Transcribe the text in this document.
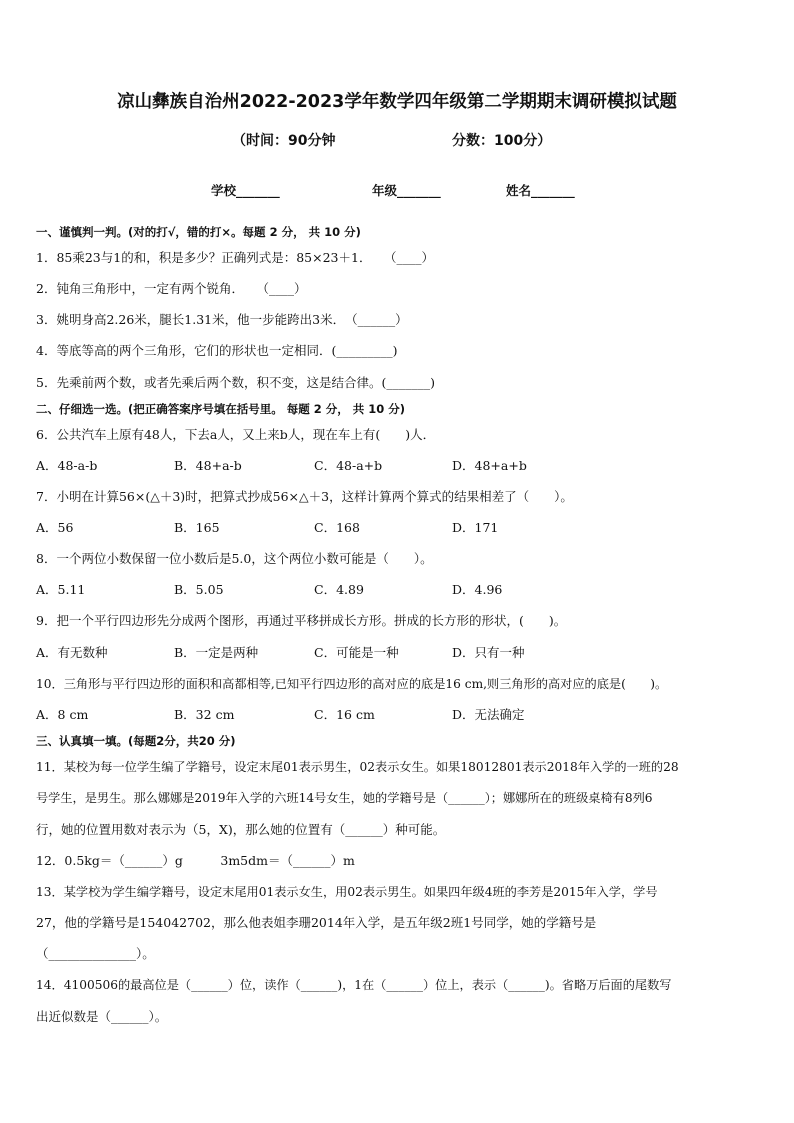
凉山彝族自治州2022-2023学年数学四年级第二学期期末调研模拟试题
（时间：90分钟	分数：100分）
学校_______	年级_______	姓名_______
一、谨慎判一判。(对的打√，错的打×。每题 2 分， 共 10 分)
1．85乘23与1的和，积是多少？正确列式是：85×23＋1．　　（____）
2．钝角三角形中，一定有两个锐角．　　（____）
3．姚明身高2.26米，腿长1.31米，他一步能跨出3米．　（______）
4．等底等高的两个三角形，它们的形状也一定相同．(_________)
5．先乘前两个数，或者先乘后两个数，积不变，这是结合律。(_______)
二、仔细选一选。(把正确答案序号填在括号里。 每题 2 分， 共 10 分)
6．公共汽车上原有48人，下去a人，又上来b人，现在车上有(　　)人．
A．48-a-b	B．48+a-b	C．48-a+b	D．48+a+b
7．小明在计算56×(△＋3)时，把算式抄成56×△＋3，这样计算两个算式的结果相差了（　　）。
A．56	B．165	C．168	D．171
8．一个两位小数保留一位小数后是5.0，这个两位小数可能是（　　）。
A．5.11	B．5.05	C．4.89	D．4.96
9．把一个平行四边形先分成两个图形，再通过平移拼成长方形。拼成的长方形的形状，(　　)。
A．有无数种	B．一定是两种	C．可能是一种	D．只有一种
10．三角形与平行四边形的面积和高都相等,已知平行四边形的高对应的底是16 cm,则三角形的高对应的底是(　　)。
A．8 cm	B．32 cm	C．16 cm	D．无法确定
三、认真填一填。(每题2分，共20 分)
11．某校为每一位学生编了学籍号，设定末尾01表示男生，02表示女生。如果18012801表示2018年入学的一班的28
号学生，是男生。那么娜娜是2019年入学的六班14号女生，她的学籍号是（______）；娜娜所在的班级桌椅有8列6
行，她的位置用数对表示为（5，X)，那么她的位置有（______）种可能。
12．0.5kg＝（______）g　　　3m5dm＝（______）m
13．某学校为学生编学籍号，设定末尾用01表示女生，用02表示男生。如果四年级4班的李芳是2015年入学，学号
27，他的学籍号是154042702，那么他表姐李珊2014年入学，是五年级2班1号同学，她的学籍号是
（______________）。
14．4100506的最高位是（______）位，读作（______)，1在（______）位上，表示（______)。省略万后面的尾数写
出近似数是（______）。
